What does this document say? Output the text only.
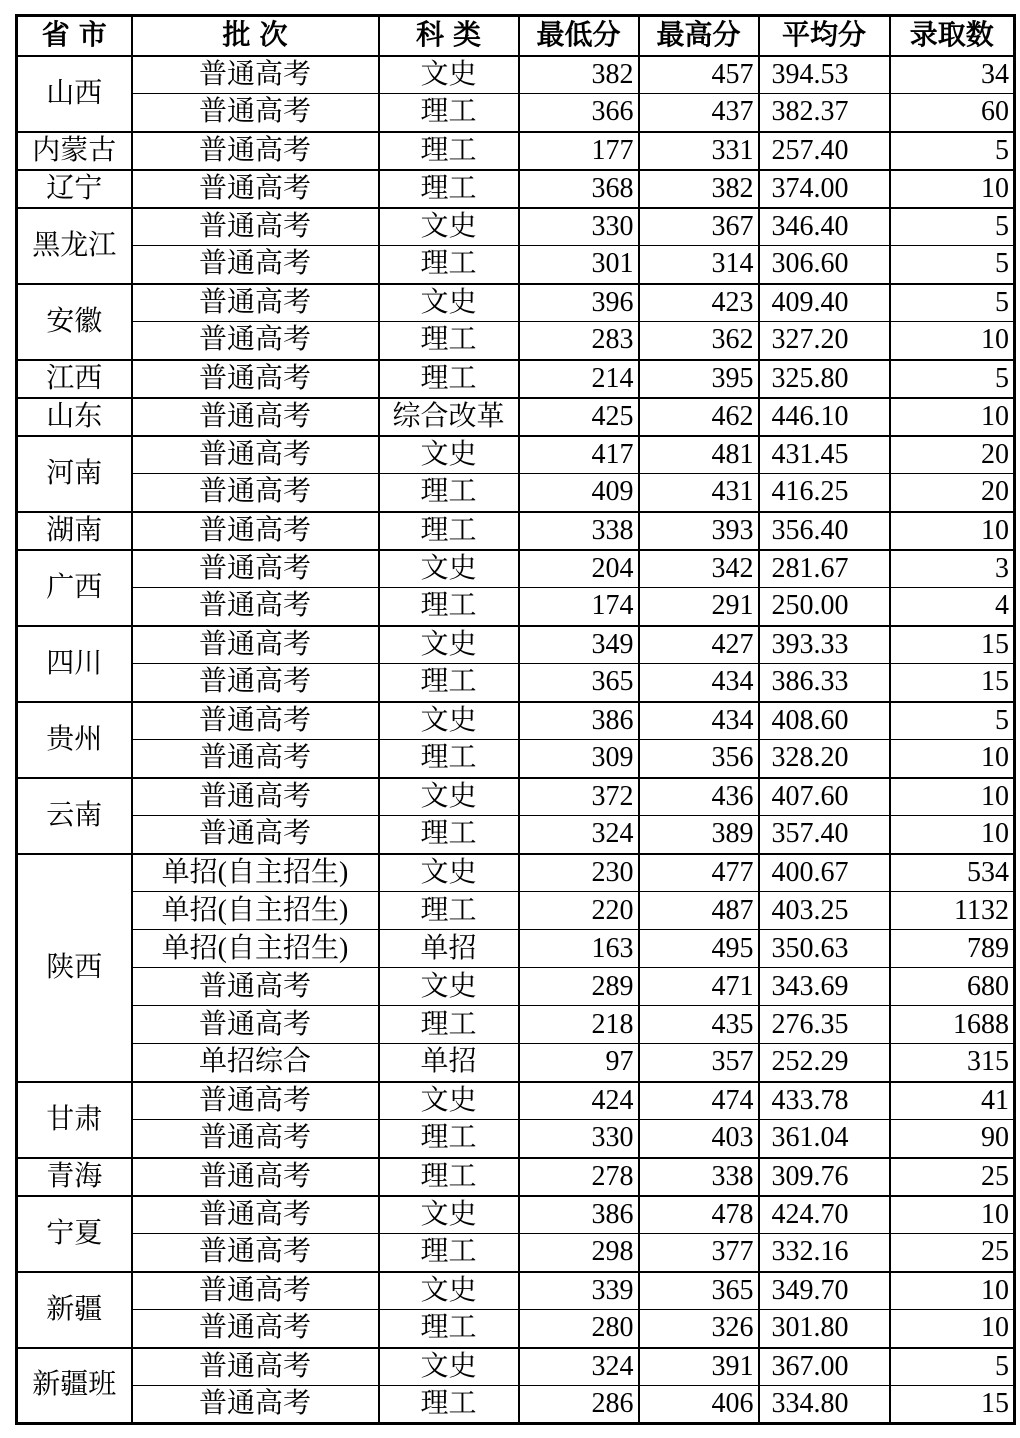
省市	批次	科类	最低分	最高分	平均分	录取数
山西	普通高考	文史	382	457	394.53	34
	普通高考	理工	366	437	382.37	60
内蒙古	普通高考	理工	177	331	257.40	5
辽宁	普通高考	理工	368	382	374.00	10
黑龙江	普通高考	文史	330	367	346.40	5
	普通高考	理工	301	314	306.60	5
安徽	普通高考	文史	396	423	409.40	5
	普通高考	理工	283	362	327.20	10
江西	普通高考	理工	214	395	325.80	5
山东	普通高考	综合改革	425	462	446.10	10
河南	普通高考	文史	417	481	431.45	20
	普通高考	理工	409	431	416.25	20
湖南	普通高考	理工	338	393	356.40	10
广西	普通高考	文史	204	342	281.67	3
	普通高考	理工	174	291	250.00	4
四川	普通高考	文史	349	427	393.33	15
	普通高考	理工	365	434	386.33	15
贵州	普通高考	文史	386	434	408.60	5
	普通高考	理工	309	356	328.20	10
云南	普通高考	文史	372	436	407.60	10
	普通高考	理工	324	389	357.40	10
陕西	单招(自主招生)	文史	230	477	400.67	534
	单招(自主招生)	理工	220	487	403.25	1132
	单招(自主招生)	单招	163	495	350.63	789
	普通高考	文史	289	471	343.69	680
	普通高考	理工	218	435	276.35	1688
	单招综合	单招	97	357	252.29	315
甘肃	普通高考	文史	424	474	433.78	41
	普通高考	理工	330	403	361.04	90
青海	普通高考	理工	278	338	309.76	25
宁夏	普通高考	文史	386	478	424.70	10
	普通高考	理工	298	377	332.16	25
新疆	普通高考	文史	339	365	349.70	10
	普通高考	理工	280	326	301.80	10
新疆班	普通高考	文史	324	391	367.00	5
	普通高考	理工	286	406	334.80	15
